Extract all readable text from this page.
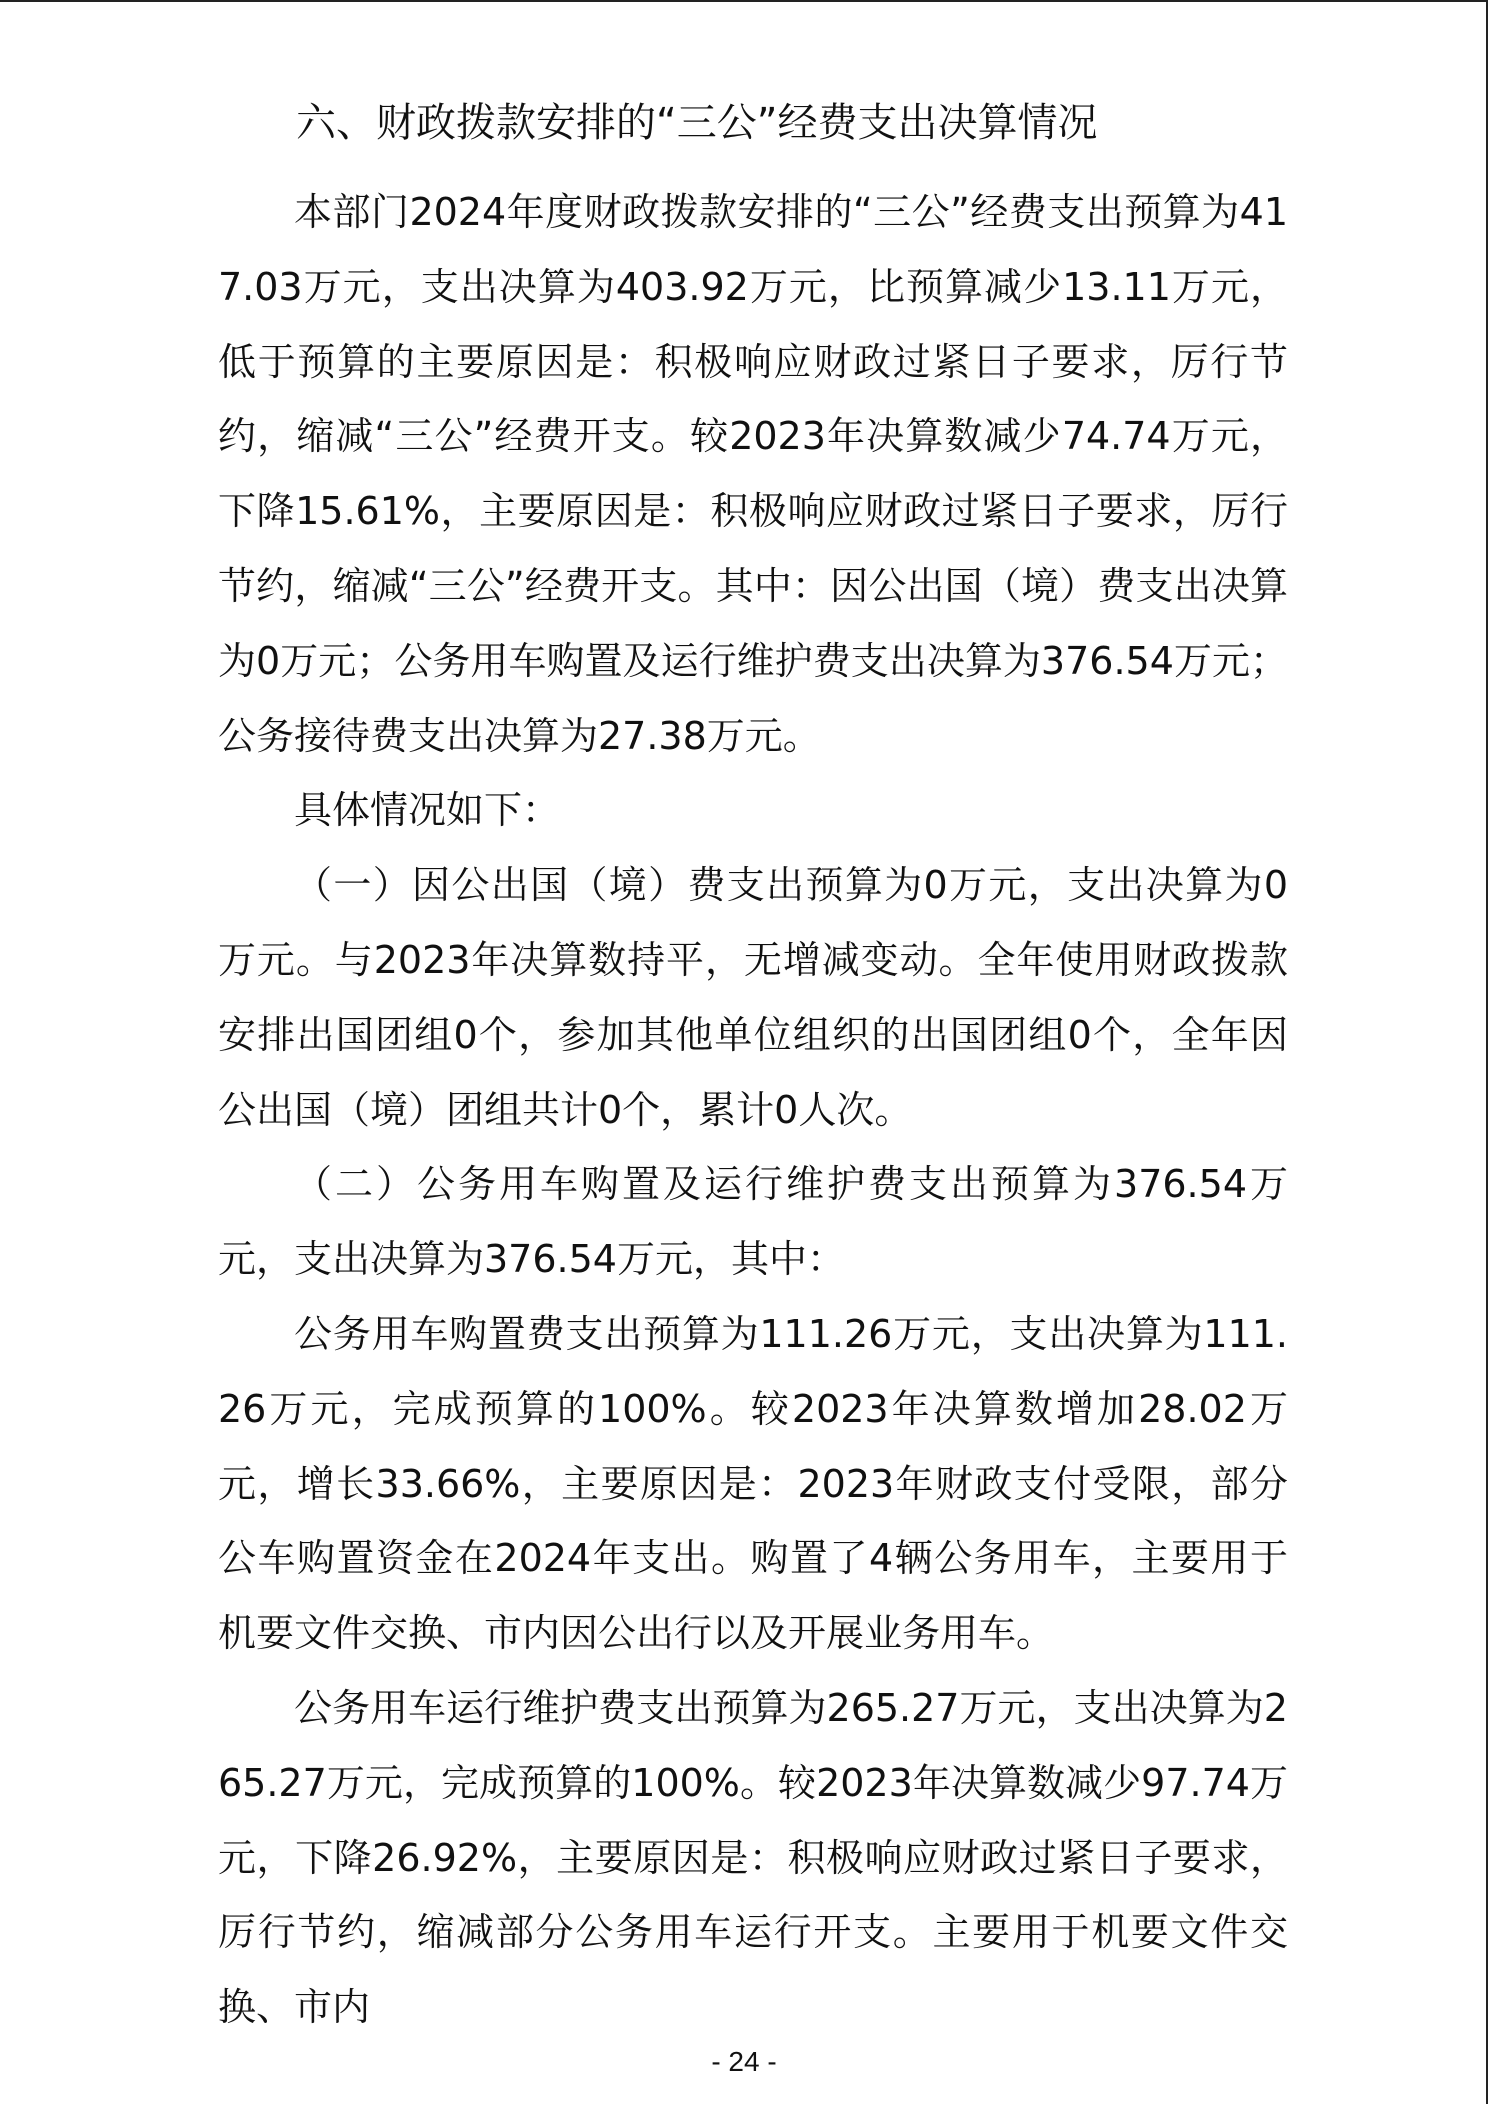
六、财政拨款安排的“三公”经费支出决算情况

本部门2024年度财政拨款安排的“三公”经费支出预算为417.03万元，支出决算为403.92万元，比预算减少13.11万元，低于预算的主要原因是：积极响应财政过紧日子要求，厉行节约，缩减“三公”经费开支。较2023年决算数减少74.74万元，下降15.61%，主要原因是：积极响应财政过紧日子要求，厉行节约，缩减“三公”经费开支。其中：因公出国（境）费支出决算为0万元；公务用车购置及运行维护费支出决算为376.54万元；公务接待费支出决算为27.38万元。

具体情况如下：

（一）因公出国（境）费支出预算为0万元，支出决算为0万元。与2023年决算数持平，无增减变动。全年使用财政拨款安排出国团组0个，参加其他单位组织的出国团组0个，全年因公出国（境）团组共计0个，累计0人次。

（二）公务用车购置及运行维护费支出预算为376.54万元，支出决算为376.54万元，其中：

公务用车购置费支出预算为111.26万元，支出决算为111.26万元，完成预算的100%。较2023年决算数增加28.02万元，增长33.66%，主要原因是：2023年财政支付受限，部分公车购置资金在2024年支出。购置了4辆公务用车，主要用于机要文件交换、市内因公出行以及开展业务用车。

公务用车运行维护费支出预算为265.27万元，支出决算为265.27万元，完成预算的100%。较2023年决算数减少97.74万元，下降26.92%，主要原因是：积极响应财政过紧日子要求，厉行节约，缩减部分公务用车运行开支。主要用于机要文件交换、市内

- 24 -
